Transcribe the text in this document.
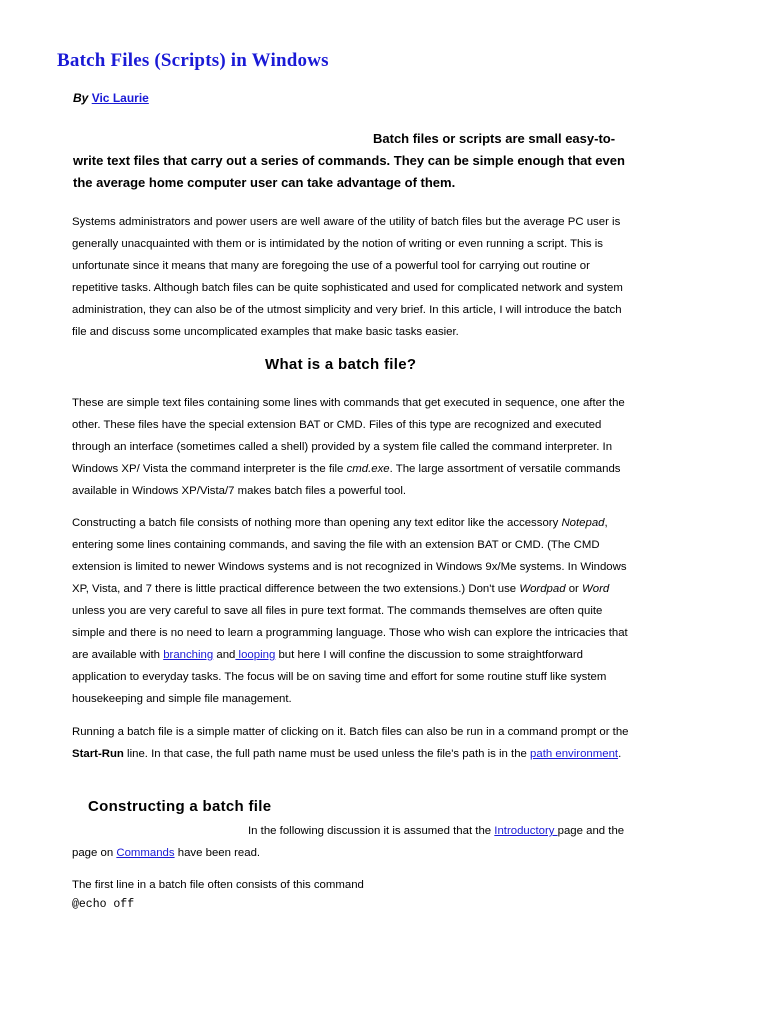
Batch Files (Scripts) in Windows
By Vic Laurie

Batch files or scripts are small easy-to-write text files that carry out a series of commands. They can be simple enough that even the average home computer user can take advantage of them.

Systems administrators and power users are well aware of the utility of batch files but the average PC user is generally unacquainted with them or is intimidated by the notion of writing or even running a script. This is unfortunate since it means that many are foregoing the use of a powerful tool for carrying out routine or repetitive tasks. Although batch files can be quite sophisticated and used for complicated network and system administration, they can also be of the utmost simplicity and very brief. In this article, I will introduce the batch file and discuss some uncomplicated examples that make basic tasks easier.

What is a batch file?

These are simple text files containing some lines with commands that get executed in sequence, one after the other. These files have the special extension BAT or CMD. Files of this type are recognized and executed through an interface (sometimes called a shell) provided by a system file called the command interpreter. In Windows XP/ Vista the command interpreter is the file cmd.exe. The large assortment of versatile commands available in Windows XP/Vista/7 makes batch files a powerful tool.

Constructing a batch file consists of nothing more than opening any text editor like the accessory Notepad, entering some lines containing commands, and saving the file with an extension BAT or CMD. (The CMD extension is limited to newer Windows systems and is not recognized in Windows 9x/Me systems. In Windows XP, Vista, and 7 there is little practical difference between the two extensions.) Don't use Wordpad or Word unless you are very careful to save all files in pure text format. The commands themselves are often quite simple and there is no need to learn a programming language. Those who wish can explore the intricacies that are available with branching and looping but here I will confine the discussion to some straightforward application to everyday tasks. The focus will be on saving time and effort for some routine stuff like system housekeeping and simple file management.

Running a batch file is a simple matter of clicking on it. Batch files can also be run in a command prompt or the Start-Run line. In that case, the full path name must be used unless the file's path is in the path environment.

Constructing a batch file

In the following discussion it is assumed that the Introductory page and the page on Commands have been read.

The first line in a batch file often consists of this command

@echo off
